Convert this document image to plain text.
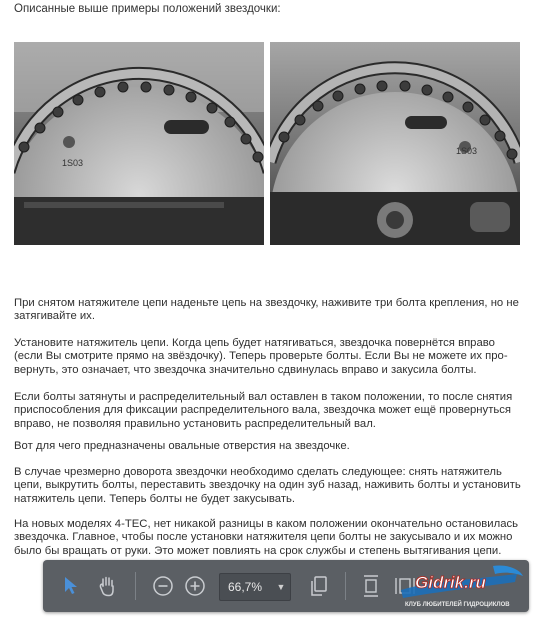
Описанные выше примеры положений звездочки:
1S03
1S03
При снятом натяжителе цепи наденьте цепь на звездочку, наживите три болта крепления, но не
затягивайте их.
Установите натяжитель цепи. Когда цепь будет натягиваться, звездочка повернётся вправо
(если Вы смотрите прямо на звёздочку). Теперь проверьте болты. Если Вы не можете их про-
вернуть, это означает, что звездочка значительно сдвинулась вправо и закусила болты.
Если болты затянуты и распределительный вал оставлен в таком положении, то после снятия
приспособления для фиксации распределительного вала, звездочка может ещё провернуться
вправо, не позволяя правильно установить распределительный вал.
Вот для чего предназначены овальные отверстия на звездочке.
В случае чрезмерно доворота звездочки необходимо сделать следующее: снять натяжитель
цепи, выкрутить болты, переставить звездочку на один зуб назад, наживить болты и установить
натяжитель цепи. Теперь болты не будет закусывать.
На новых моделях 4-TEC, нет никакой разницы в каком положении окончательно остановилась
звездочка. Главное, чтобы после установки натяжителя цепи болты не закусывало и их можно
было бы вращать от руки. Это может повлиять на срок службы и степень вытягивания цепи.
66,7%	▼	Gidrik.ru
КЛУБ ЛЮБИТЕЛЕЙ ГИДРОЦИКЛОВ
